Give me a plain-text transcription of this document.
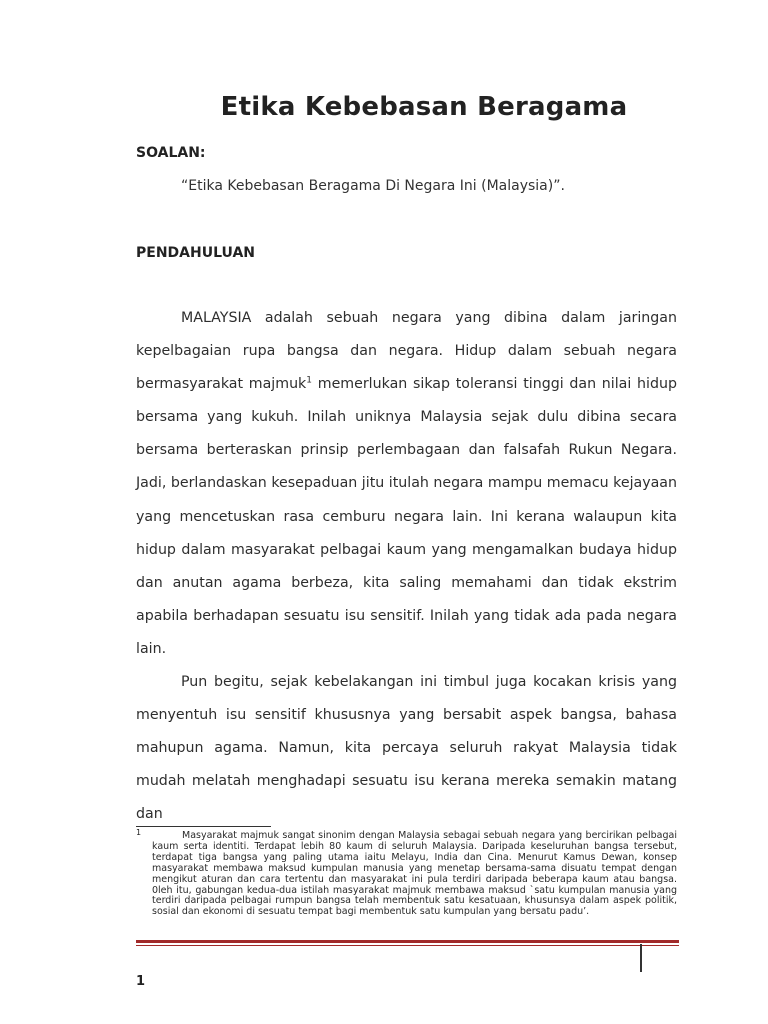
Etika Kebebasan Beragama

SOALAN:

“Etika Kebebasan Beragama Di Negara Ini (Malaysia)”.

PENDAHULUAN

MALAYSIA adalah sebuah negara yang dibina dalam jaringan kepelbagaian rupa bangsa dan negara. Hidup dalam sebuah negara bermasyarakat majmuk$^1$ memerlukan sikap toleransi tinggi dan nilai hidup bersama yang kukuh. Inilah uniknya Malaysia sejak dulu dibina secara bersama berteraskan prinsip perlembagaan dan falsafah Rukun Negara. Jadi, berlandaskan kesepaduan jitu itulah negara mampu memacu kejayaan yang mencetuskan rasa cemburu negara lain. Ini kerana walaupun kita hidup dalam masyarakat pelbagai kaum yang mengamalkan budaya hidup dan anutan agama berbeza, kita saling memahami dan tidak ekstrim apabila berhadapan sesuatu isu sensitif. Inilah yang tidak ada pada negara lain.

Pun begitu, sejak kebelakangan ini timbul juga kocakan krisis yang menyentuh isu sensitif khususnya yang bersabit aspek bangsa, bahasa mahupun agama. Namun, kita percaya seluruh rakyat Malaysia tidak mudah melatah menghadapi sesuatu isu kerana mereka semakin matang dan

1	Masyarakat majmuk sangat sinonim dengan Malaysia sebagai sebuah negara yang bercirikan pelbagai kaum serta identiti. Terdapat lebih 80 kaum di seluruh Malaysia. Daripada keseluruhan bangsa tersebut, terdapat tiga bangsa yang paling utama iaitu Melayu, India dan Cina. Menurut Kamus Dewan, konsep masyarakat membawa maksud kumpulan manusia yang menetap bersama-sama disuatu tempat dengan mengikut aturan dan cara tertentu dan masyarakat ini pula terdiri daripada beberapa kaum atau bangsa. 0leh itu, gabungan kedua-dua istilah masyarakat majmuk membawa maksud `satu kumpulan manusia yang terdiri daripada pelbagai rumpun bangsa telah membentuk satu kesatuaan, khusunsya dalam aspek politik, sosial dan ekonomi di sesuatu tempat bagi membentuk satu kumpulan yang bersatu padu’.

1
